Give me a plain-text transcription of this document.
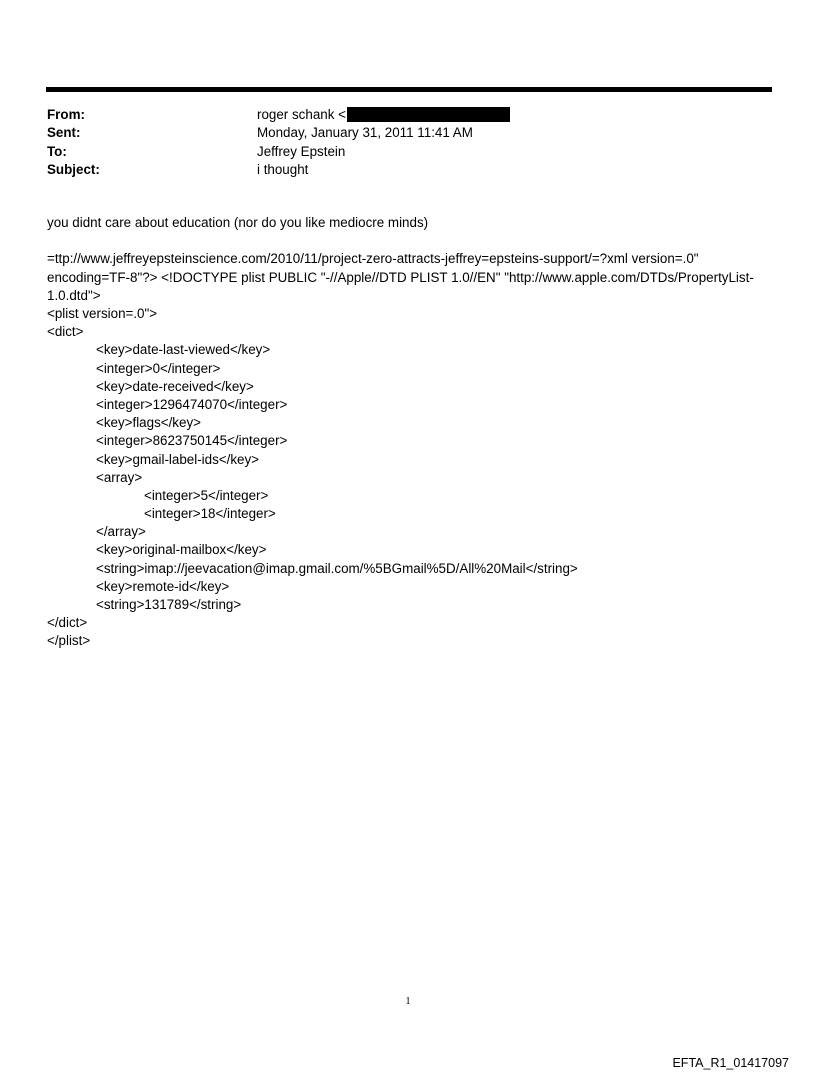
From:	roger schank <
Sent:	Monday, January 31, 2011 11:41 AM
To:	Jeffrey Epstein
Subject:	i thought

you didnt care about education (nor do you like mediocre minds)

=ttp://www.jeffreyepsteinscience.com/2010/11/project-zero-attracts-jeffrey=epsteins-support/=?xml version=.0" encoding=TF-8"?> <!DOCTYPE plist PUBLIC "-//Apple//DTD PLIST 1.0//EN" "http://www.apple.com/DTDs/PropertyList-1.0.dtd">

<plist version=.0">
<dict>
<key>date-last-viewed</key>
<integer>0</integer>
<key>date-received</key>
<integer>1296474070</integer>
<key>flags</key>
<integer>8623750145</integer>
<key>gmail-label-ids</key>
<array>
<integer>5</integer>
<integer>18</integer>
</array>
<key>original-mailbox</key>
<string>imap://jeevacation@imap.gmail.com/%5BGmail%5D/All%20Mail</string>
<key>remote-id</key>
<string>131789</string>
</dict>
</plist>
1
EFTA_R1_01417097
